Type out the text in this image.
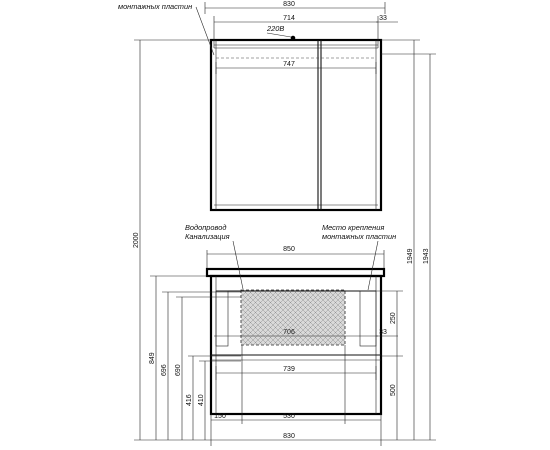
830
714	33
747
220В
монтажных пластин
850
706	33
739
150	530
830
Водопровод
Канализация
Место крепления
монтажных пластин
2000
849
696 690
416 410
1949 1943
250
500
